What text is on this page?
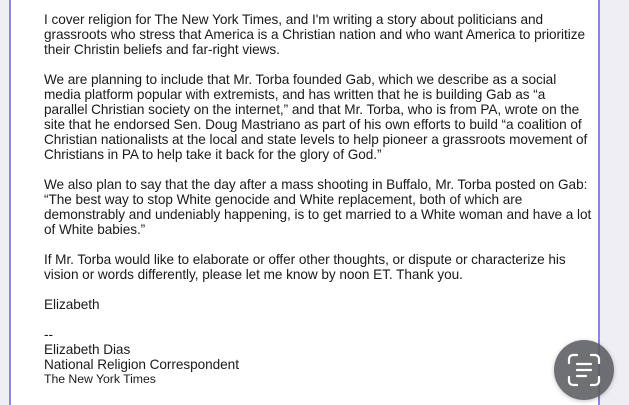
I cover religion for The New York Times, and I'm writing a story about politicians and grassroots who stress that America is a Christian nation and who want America to prioritize their Christin beliefs and far-right views.

We are planning to include that Mr. Torba founded Gab, which we describe as a social media platform popular with extremists, and has written that he is building Gab as “a parallel Christian society on the internet,” and that Mr. Torba, who is from PA, wrote on the site that he endorsed Sen. Doug Mastriano as part of his own efforts to build “a coalition of Christian nationalists at the local and state levels to help pioneer a grassroots movement of Christians in PA to help take it back for the glory of God.”

We also plan to say that the day after a mass shooting in Buffalo, Mr. Torba posted on Gab: “The best way to stop White genocide and White replacement, both of which are demonstrably and undeniably happening, is to get married to a White woman and have a lot of White babies.”

If Mr. Torba would like to elaborate or offer other thoughts, or dispute or characterize his vision or words differently, please let me know by noon ET. Thank you.

Elizabeth

--

Elizabeth Dias

National Religion Correspondent

The New York Times
